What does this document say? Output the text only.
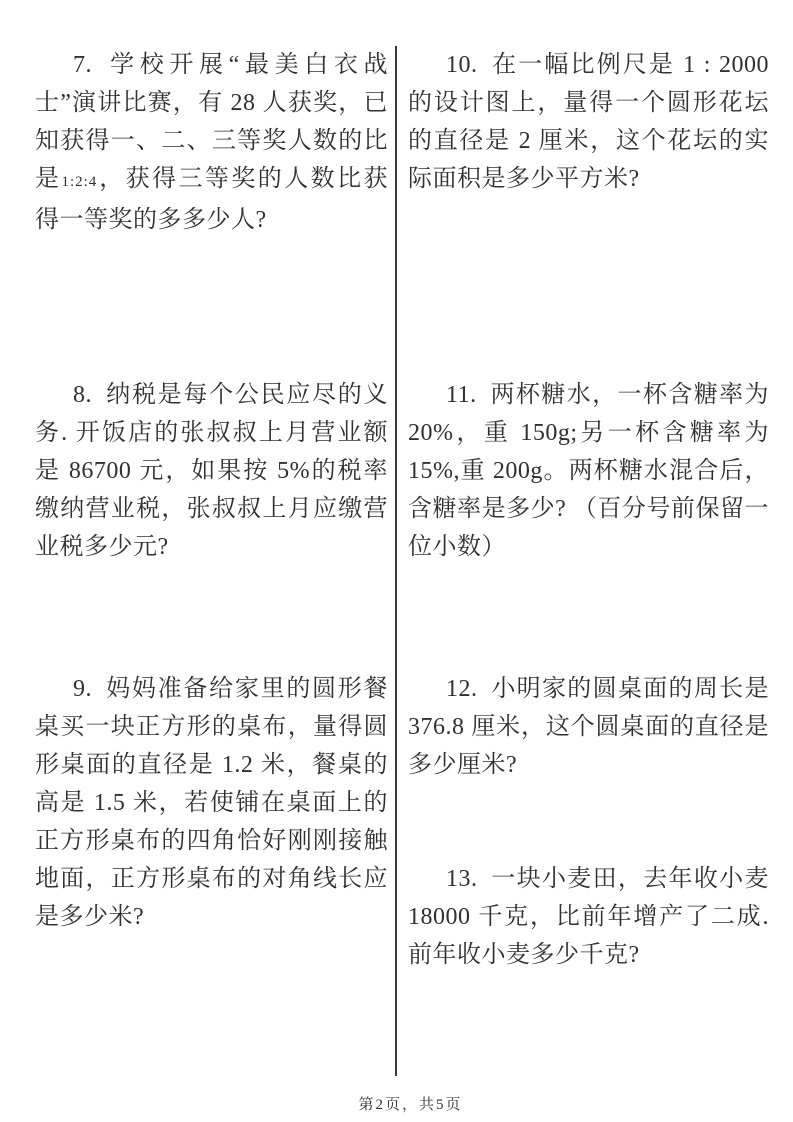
7. 学校开展“最美白衣战士”演讲比赛，有 28 人获奖，已知获得一、二、三等奖人数的比是1:2:4，获得三等奖的人数比获得一等奖的多多少人?

8. 纳税是每个公民应尽的义务. 开饭店的张叔叔上月营业额是 86700 元，如果按 5%的税率缴纳营业税，张叔叔上月应缴营业税多少元?

9. 妈妈准备给家里的圆形餐桌买一块正方形的桌布，量得圆形桌面的直径是 1.2 米，餐桌的高是 1.5 米，若使铺在桌面上的正方形桌布的四角恰好刚刚接触地面，正方形桌布的对角线长应是多少米?

10. 在一幅比例尺是 1 : 2000 的设计图上，量得一个圆形花坛的直径是 2 厘米，这个花坛的实际面积是多少平方米?

11. 两杯糖水，一杯含糖率为 20%，重 150g;另一杯含糖率为 15%,重 200g。两杯糖水混合后，含糖率是多少? （百分号前保留一位小数）

12. 小明家的圆桌面的周长是 376.8 厘米，这个圆桌面的直径是多少厘米?

13. 一块小麦田，去年收小麦 18000 千克，比前年增产了二成. 前年收小麦多少千克?

第2页，共5页
